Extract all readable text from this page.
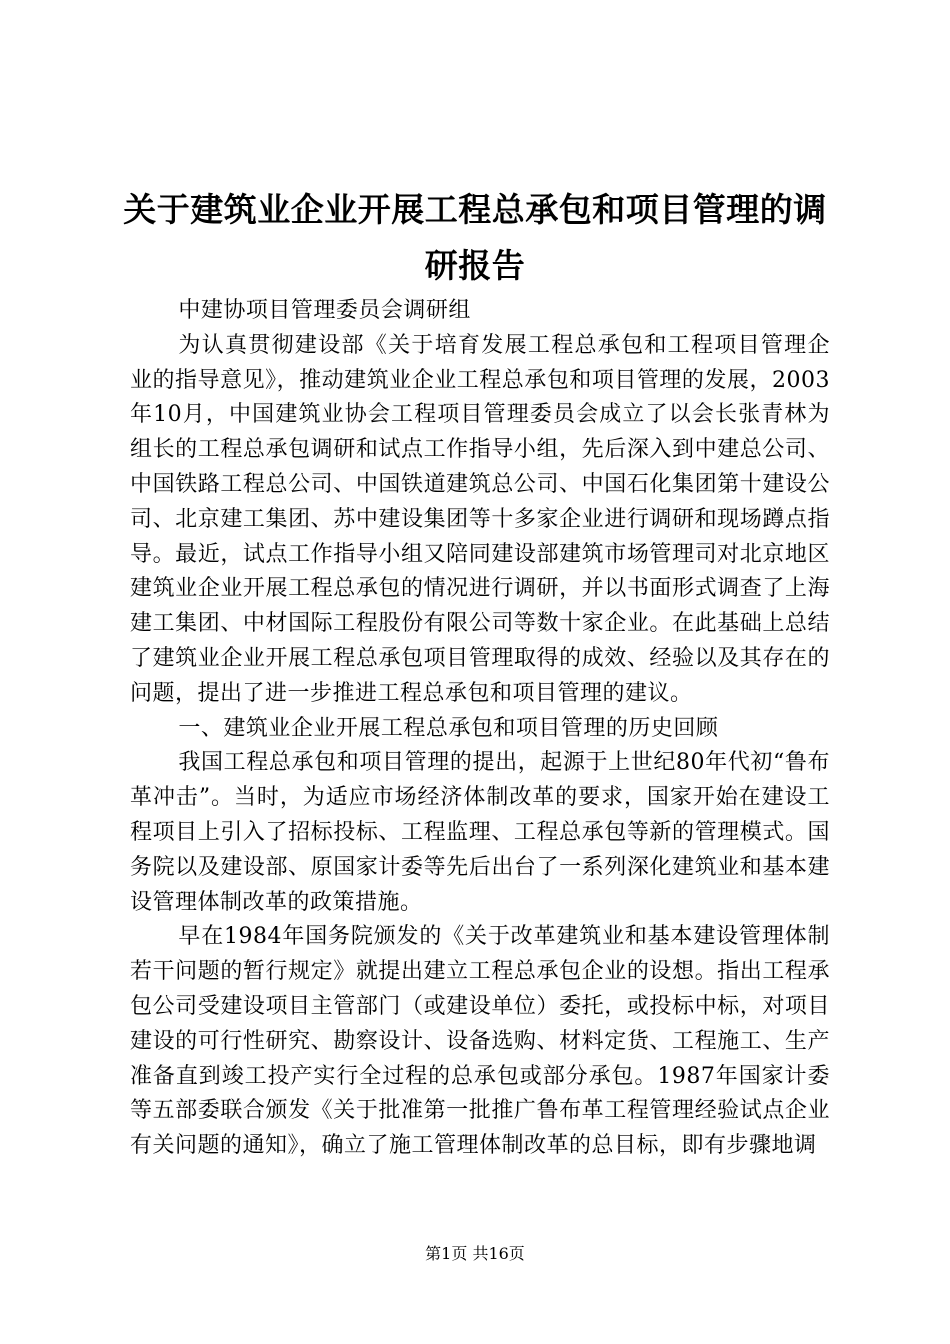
关于建筑业企业开展工程总承包和项目管理的调研报告

中建协项目管理委员会调研组

为认真贯彻建设部《关于培育发展工程总承包和工程项目管理企业的指导意见》，推动建筑业企业工程总承包和项目管理的发展，2003年10月，中国建筑业协会工程项目管理委员会成立了以会长张青林为组长的工程总承包调研和试点工作指导小组，先后深入到中建总公司、中国铁路工程总公司、中国铁道建筑总公司、中国石化集团第十建设公司、北京建工集团、苏中建设集团等十多家企业进行调研和现场蹲点指导。最近，试点工作指导小组又陪同建设部建筑市场管理司对北京地区建筑业企业开展工程总承包的情况进行调研，并以书面形式调查了上海建工集团、中材国际工程股份有限公司等数十家企业。在此基础上总结了建筑业企业开展工程总承包项目管理取得的成效、经验以及其存在的问题，提出了进一步推进工程总承包和项目管理的建议。

一、建筑业企业开展工程总承包和项目管理的历史回顾

我国工程总承包和项目管理的提出，起源于上世纪80年代初“鲁布革冲击”。当时，为适应市场经济体制改革的要求，国家开始在建设工程项目上引入了招标投标、工程监理、工程总承包等新的管理模式。国务院以及建设部、原国家计委等先后出台了一系列深化建筑业和基本建设管理体制改革的政策措施。

早在1984年国务院颁发的《关于改革建筑业和基本建设管理体制若干问题的暂行规定》就提出建立工程总承包企业的设想。指出工程承包公司受建设项目主管部门（或建设单位）委托，或投标中标，对项目建设的可行性研究、勘察设计、设备选购、材料定货、工程施工、生产准备直到竣工投产实行全过程的总承包或部分承包。1987年国家计委等五部委联合颁发《关于批准第一批推广鲁布革工程管理经验试点企业有关问题的通知》，确立了施工管理体制改革的总目标，即有步骤地调

第1页 共16页
